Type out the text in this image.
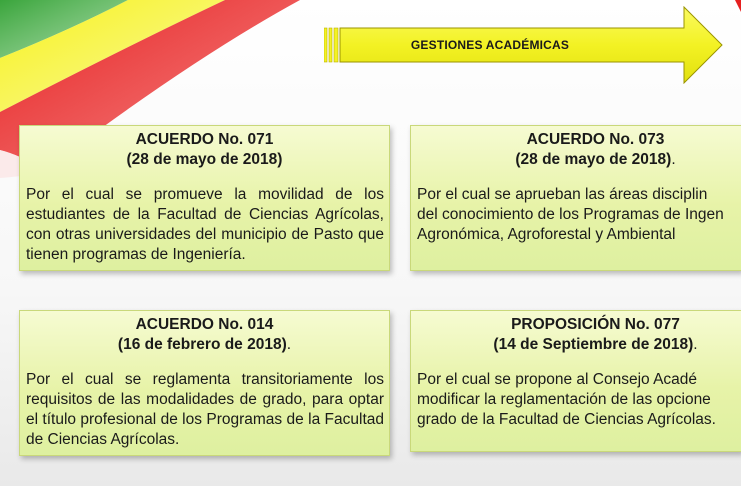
GESTIONES ACADÉMICAS
ACUERDO No. 071
(28 de mayo de 2018)
Por el cual se promueve la movilidad de los estudiantes de la Facultad de Ciencias Agrícolas, con otras universidades del municipio de Pasto que tienen programas de Ingeniería.
ACUERDO No. 073
(28 de mayo de 2018).
Por el cual se aprueban las áreas disciplin
del conocimiento de los Programas de Ingen
Agronómica, Agroforestal y Ambiental
ACUERDO No. 014
(16 de febrero de 2018).
Por el cual se reglamenta transitoriamente los requisitos de las modalidades de grado, para optar el título profesional de los Programas de la Facultad de Ciencias Agrícolas.
PROPOSICIÓN No. 077
(14 de Septiembre de 2018).
Por el cual se propone al Consejo Acadé
modificar la reglamentación de las opcione
grado de la Facultad de Ciencias Agrícolas.
